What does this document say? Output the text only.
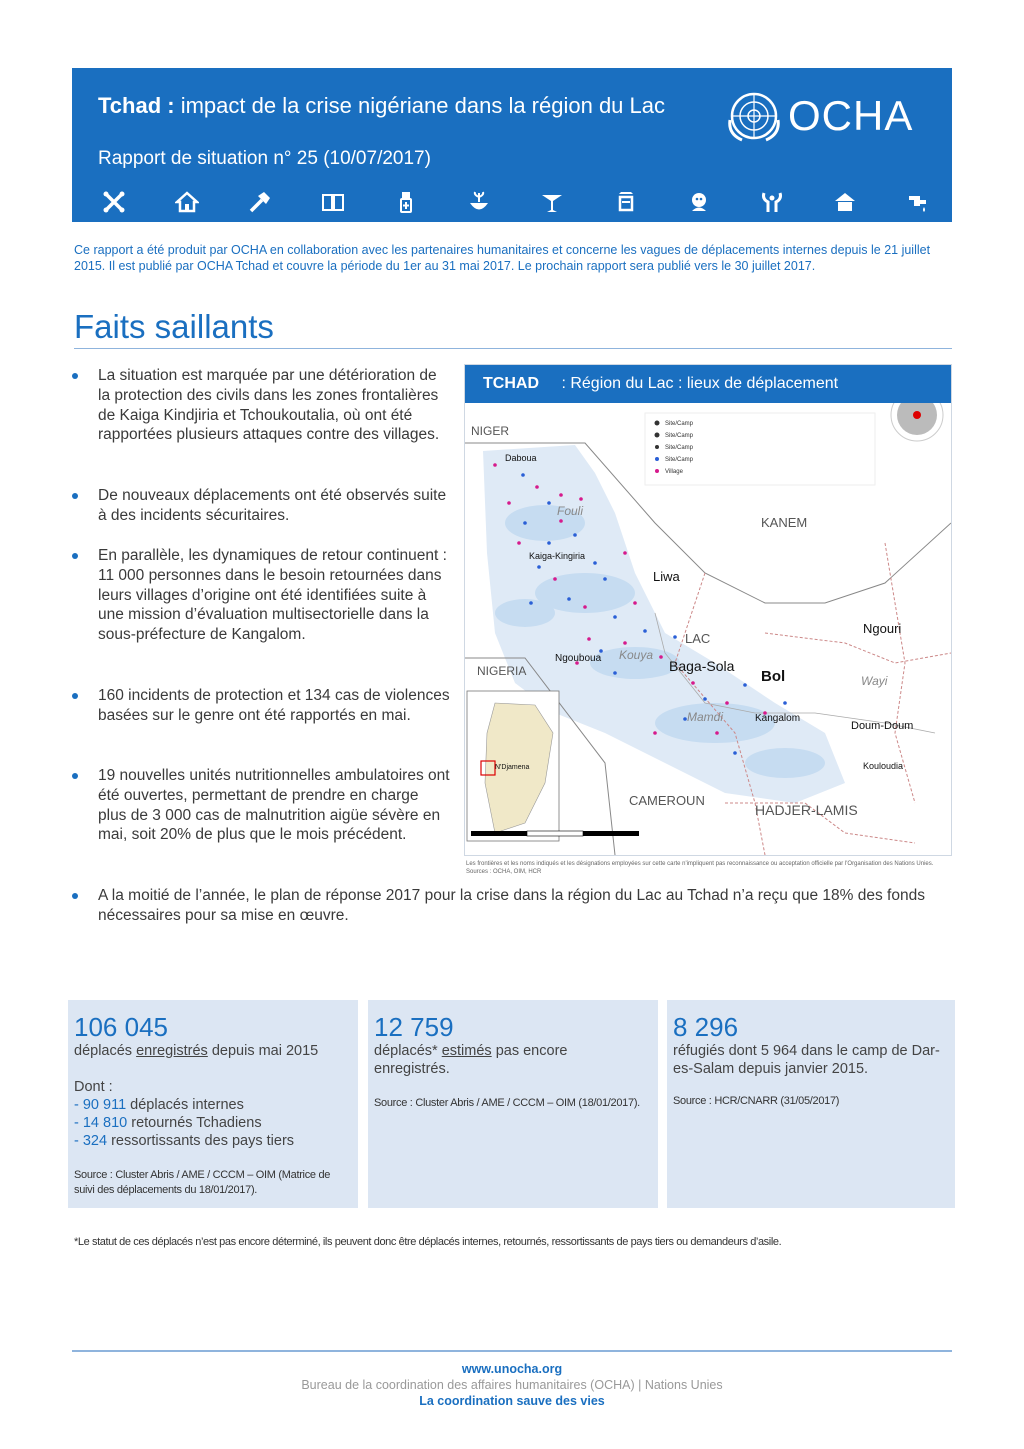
Tchad : impact de la crise nigériane dans la région du Lac
Rapport de situation n° 25 (10/07/2017)
OCHA
Ce rapport a été produit par OCHA en collaboration avec les partenaires humanitaires et concerne les vagues de déplacements internes depuis le 21 juillet 2015. Il est publié par OCHA Tchad et couvre la période du 1er au 31 mai 2017. Le prochain rapport sera publié vers le 30 juillet 2017.
Faits saillants
La situation est marquée par une détérioration de la protection des civils dans les zones frontalières de Kaiga Kindjiria et Tchoukoutalia, où ont été rapportées plusieurs attaques contre des villages.
De nouveaux déplacements ont été observés suite à des incidents sécuritaires.
En parallèle, les dynamiques de retour continuent : 11 000 personnes dans le besoin retournées dans leurs villages d’origine ont été identifiées suite à une mission d’évaluation multisectorielle dans la sous-préfecture de Kangalom.
160 incidents de protection et 134 cas de violences basées sur le genre ont été rapportés en mai.
19 nouvelles unités nutritionnelles ambulatoires ont été ouvertes, permettant de prendre en charge plus de 3 000 cas de malnutrition aigüe sévère en mai, soit 20% de plus que le mois précédent.
A la moitié de l’année, le plan de réponse 2017 pour la crise dans la région du Lac au Tchad n’a reçu que 18% des fonds nécessaires pour sa mise en œuvre.
TCHAD : Région du Lac : lieux de déplacement
Site/Camp
Site/Camp
Site/Camp
Site/Camp
Village
NIGER
NIGERIA
CAMEROUN
KANEM
LAC
HADJER-LAMIS
Liwa
Ngouri
Baga-Sola
Bol
Kangalom
Doum-Doum
Ngouboua
Kaiga-Kingiria
Daboua
Kouloudia
N'Djamena
Wayi
Mamdi
Fouli
Kouya
Les frontières et les noms indiqués et les désignations employées sur cette carte n'impliquent pas reconnaissance ou acceptation officielle par l'Organisation des Nations Unies. Sources : OCHA, OIM, HCR
106 045
déplacés enregistrés depuis mai 2015
Dont :
- 90 911 déplacés internes
- 14 810 retournés Tchadiens
- 324 ressortissants des pays tiers
Source : Cluster Abris / AME / CCCM – OIM (Matrice de suivi des déplacements du 18/01/2017).
12 759
déplacés* estimés pas encore enregistrés.
Source : Cluster Abris / AME / CCCM – OIM (18/01/2017).
8 296
réfugiés dont 5 964 dans le camp de Dar-es-Salam depuis janvier 2015.
Source : HCR/CNARR (31/05/2017)
*Le statut de ces déplacés n’est pas encore déterminé, ils peuvent donc être déplacés internes, retournés, ressortissants de pays tiers ou demandeurs d’asile.
www.unocha.org
Bureau de la coordination des affaires humanitaires (OCHA) | Nations Unies
La coordination sauve des vies
